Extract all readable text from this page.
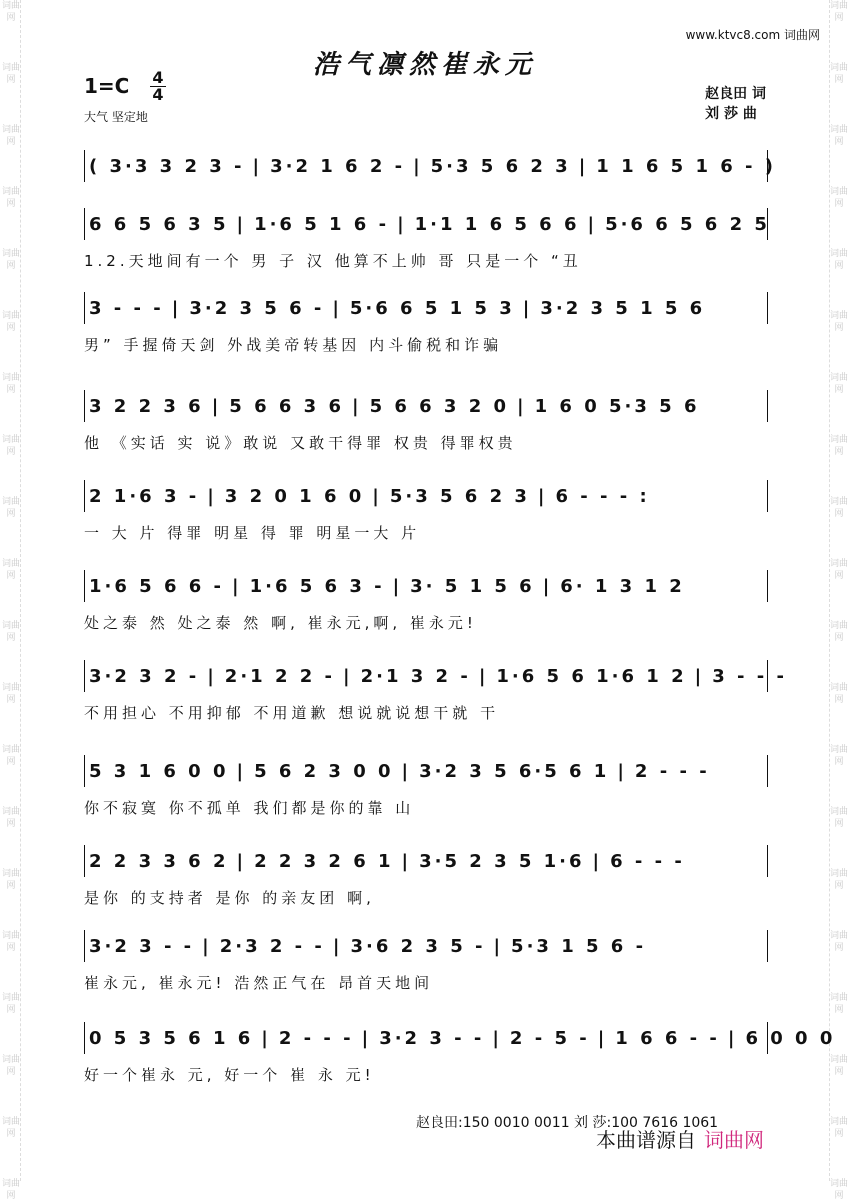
词曲网
词曲网
词曲网
词曲网
词曲网
词曲网
词曲网
词曲网
词曲网
词曲网
词曲网
词曲网
词曲网
词曲网
词曲网
词曲网
词曲网
词曲网
词曲网
词曲网
词曲网
词曲网
词曲网
词曲网
词曲网
词曲网
词曲网
词曲网
词曲网
词曲网
词曲网
词曲网
词曲网
词曲网
词曲网
词曲网
词曲网
词曲网
词曲网
词曲网
www.ktvc8.com 词曲网
浩气凛然崔永元
1=C 4
4
大气 坚定地
赵良田 词
刘 莎 曲
( 3·3 3 2 3 - | 3·2 1 6 2 - | 5·3 5 6 2 3 | 1 1 6 5 1 6 - )
6 6 5 6 3 5 | 1·6 5 1 6 - | 1·1 1 6 5 6 6 | 5·6 6 5 6 2 5
1.2.天地间有一个 男 子 汉 他算不上帅 哥 只是一个 “丑
3 - - - | 3·2 3 5 6 - | 5·6 6 5 1 5 3 | 3·2 3 5 1 5 6
男” 手握倚天剑 外战美帝转基因 内斗偷税和诈骗
3 2 2 3 6 | 5 6 6 3 6 | 5 6 6 3 2 0 | 1 6 0 5·3 5 6
他 《实话 实 说》敢说 又敢干得罪 权贵 得罪权贵
2 1·6 3 - | 3 2 0 1 6 0 | 5·3 5 6 2 3 | 6 - - - :
一 大 片 得罪 明星 得 罪 明星一大 片
1·6 5 6 6 - | 1·6 5 6 3 - | 3· 5 1 5 6 | 6· 1 3 1 2
处之泰 然 处之泰 然 啊, 崔永元,啊, 崔永元!
3·2 3 2 - | 2·1 2 2 - | 2·1 3 2 - | 1·6 5 6 1·6 1 2 | 3 - - -
不用担心 不用抑郁 不用道歉 想说就说想干就 干
5 3 1 6 0 0 | 5 6 2 3 0 0 | 3·2 3 5 6·5 6 1 | 2 - - -
你不寂寞 你不孤单 我们都是你的靠 山
2 2 3 3 6 2 | 2 2 3 2 6 1 | 3·5 2 3 5 1·6 | 6 - - -
是你 的支持者 是你 的亲友团 啊,
3·2 3 - - | 2·3 2 - - | 3·6 2 3 5 - | 5·3 1 5 6 -
崔永元, 崔永元! 浩然正气在 昂首天地间
0 5 3 5 6 1 6 | 2 - - - | 3·2 3 - - | 2 - 5 - | 1 6 6 - - | 6 0 0 0
好一个崔永 元, 好一个 崔 永 元!
赵良田:150 0010 0011 刘 莎:100 7616 1061
本曲谱源自 词曲网
